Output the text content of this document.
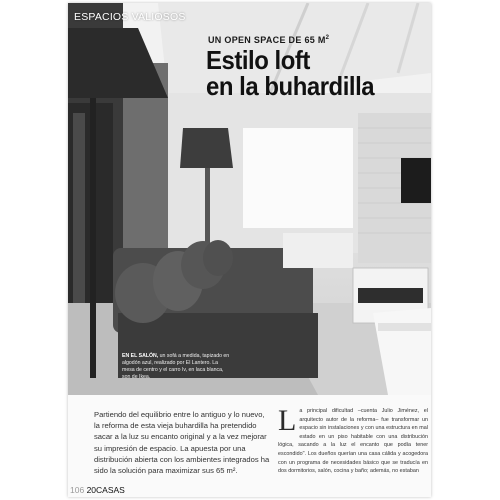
ESPACIOS VALIOSOS
UN OPEN SPACE DE 65 $M^2$
Estilo loft
en la buhardilla
EN EL SALÓN, un sofá a medida, tapizado en algodón azul, realizado por El Lantero. La mesa de centro y el carro Iv, en laca blanca, son de Ikea.
Partiendo del equilibrio entre lo antiguo y lo nuevo, la reforma de esta vieja buhardilla ha pretendido sacar a la luz su encanto original y a la vez mejorar su impresión de espacio. La apuesta por una distribución abierta con los ambientes integrados ha sido la solución para maximizar sus 65 m².
La principal dificultad –cuenta Julio Jiménez, el arquitecto autor de la reforma– fue transformar un espacio sin instalaciones y con una estructura en mal estado en un piso habitable con una distribución lógica, sacando a la luz el encanto que podía tener escondido". Los dueños querían una casa cálida y acogedora con un programa de necesidades básico que se traducía en dos dormitorios, salón, cocina y baño; además, no estaban
106 20CASAS
